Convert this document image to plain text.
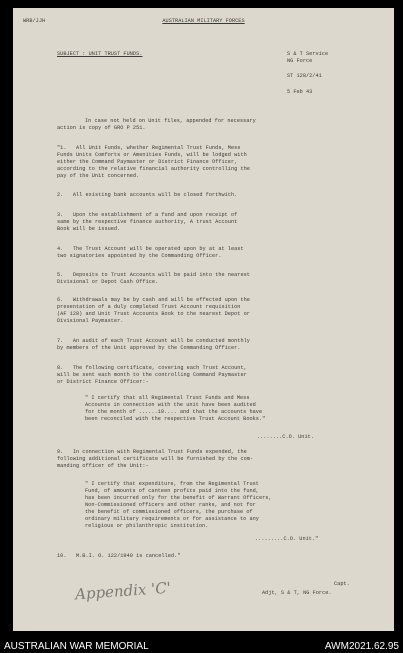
WRB/JJH	AUSTRALIAN MILITARY FORCES
SUBJECT : UNIT TRUST FUNDS.	S & T Service
NG Force
ST 128/2/41
5 Feb 43
In case not held on Unit files, appended for necessary
action is copy of GRO P 251.
"1.   All Unit Funds, whether Regimental Trust Funds, Mess
Funds Units Comforts or Amenities Funds, will be lodged with
either the Command Paymaster or District Finance Officer,
according to the relative financial authority controlling the
pay of the Unit concerned.
2.   All existing bank accounts will be closed forthwith.
3.   Upon the establishment of a fund and upon receipt of
same by the respective finance authority, A trust Account
Book will be issued.
4.   The Trust Account will be operated upon by at at least
two signatories appointed by the Commanding Officer.
5.   Deposits to Trust Accounts will be paid into the nearest
Divisional or Depot Cash Office.
6.   Withdrawals may be by cash and will be effected upon the
presentation of a duly completed Trust Account requisition
(AF 128) and Unit Trust Accounts Book to the nearest Depot or
Divisional Paymaster.
7.   An audit of each Trust Account will be conducted monthly
by members of the Unit approved by the Commanding Officer.
8.   The following certificate, covering each Trust Account,
will be sent each month to the controlling Command Paymaster
or District Finance Officer:-
" I certify that all Regimental Trust Funds and Mess
Accounts in connection with the unit have been audited
for the month of ......19.... and that the accounts have
been reconciled with the respective Trust Account Books."
........C.O. Unit.
9.   In connection with Regimental Trust Funds expended, the
following additional certificate will be furnished by the com-
manding officer of the Unit:-
" I certify that expenditure, from the Regimental Trust
Fund, of amounts of canteen profits paid into the fund,
has been incurred only for the benefit of Warrant Officers,
Non-Commissioned officers and other ranks, and not for
the benefit of commissioned officers, the purchase of
ordinary military requirements or for assistance to any
religious or philanthropic institution.
.........C.O. Unit."
10.   M.B.I. O. 122/1940 is cancelled."
Appendix 'C'	Capt.
Adjt, S & T, NG Force.
AUSTRALIAN WAR MEMORIAL	AWM2021.62.95
